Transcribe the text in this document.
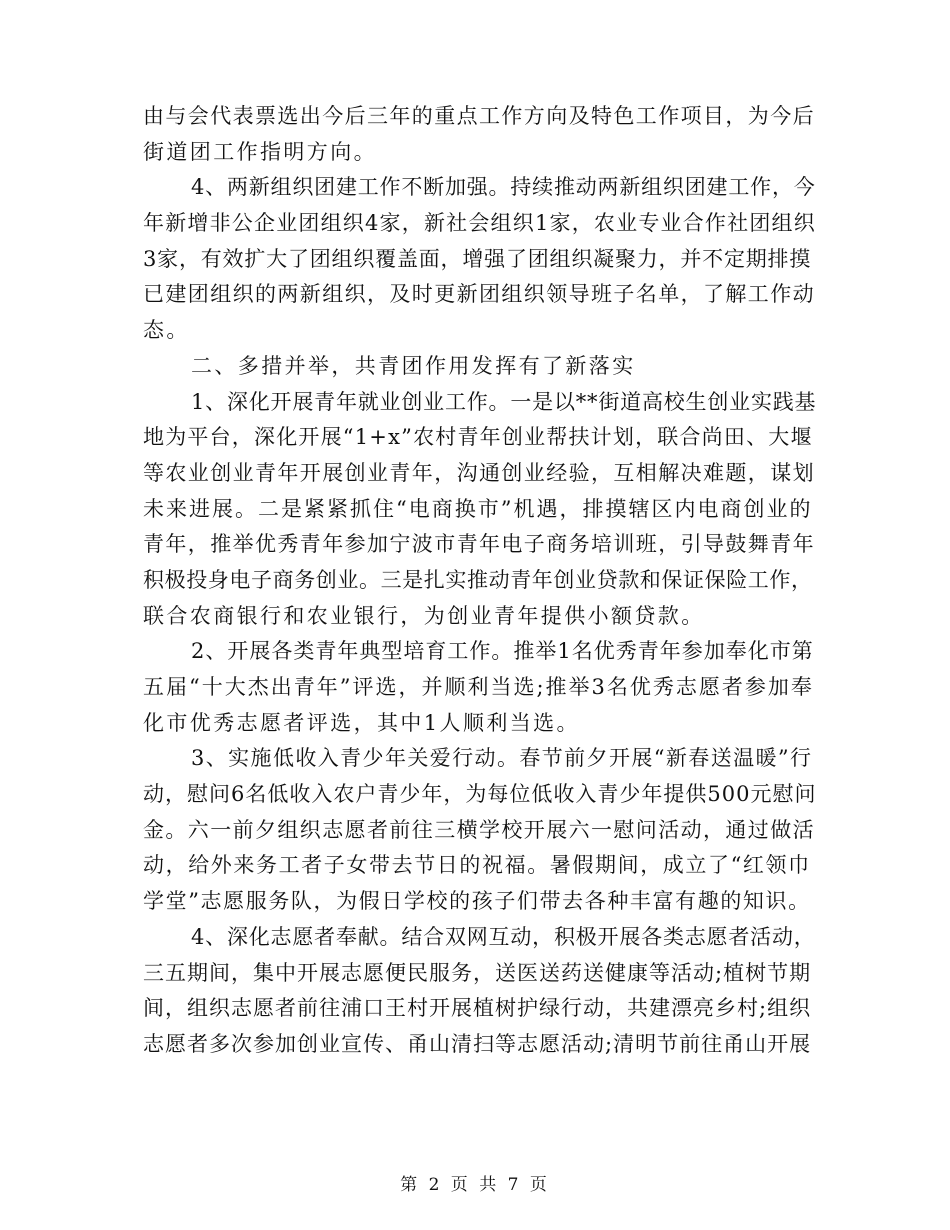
由与会代表票选出今后三年的重点工作方向及特色工作项目，为今后
街道团工作指明方向。
4、两新组织团建工作不断加强。持续推动两新组织团建工作，今
年新增非公企业团组织4家，新社会组织1家，农业专业合作社团组织
3家，有效扩大了团组织覆盖面，增强了团组织凝聚力，并不定期排摸
已建团组织的两新组织，及时更新团组织领导班子名单，了解工作动
态。
二、多措并举，共青团作用发挥有了新落实
1、深化开展青年就业创业工作。一是以**街道高校生创业实践基
地为平台，深化开展“1+x”农村青年创业帮扶计划，联合尚田、大堰
等农业创业青年开展创业青年，沟通创业经验，互相解决难题，谋划
未来进展。二是紧紧抓住“电商换市”机遇，排摸辖区内电商创业的
青年，推举优秀青年参加宁波市青年电子商务培训班，引导鼓舞青年
积极投身电子商务创业。三是扎实推动青年创业贷款和保证保险工作，
联合农商银行和农业银行，为创业青年提供小额贷款。
2、开展各类青年典型培育工作。推举1名优秀青年参加奉化市第
五届“十大杰出青年”评选，并顺利当选;推举3名优秀志愿者参加奉
化市优秀志愿者评选，其中1人顺利当选。
3、实施低收入青少年关爱行动。春节前夕开展“新春送温暖”行
动，慰问6名低收入农户青少年，为每位低收入青少年提供500元慰问
金。六一前夕组织志愿者前往三横学校开展六一慰问活动，通过做活
动，给外来务工者子女带去节日的祝福。暑假期间，成立了“红领巾
学堂”志愿服务队，为假日学校的孩子们带去各种丰富有趣的知识。
4、深化志愿者奉献。结合双网互动，积极开展各类志愿者活动，
三五期间，集中开展志愿便民服务，送医送药送健康等活动;植树节期
间，组织志愿者前往浦口王村开展植树护绿行动，共建漂亮乡村;组织
志愿者多次参加创业宣传、甬山清扫等志愿活动;清明节前往甬山开展
第 2 页 共 7 页
